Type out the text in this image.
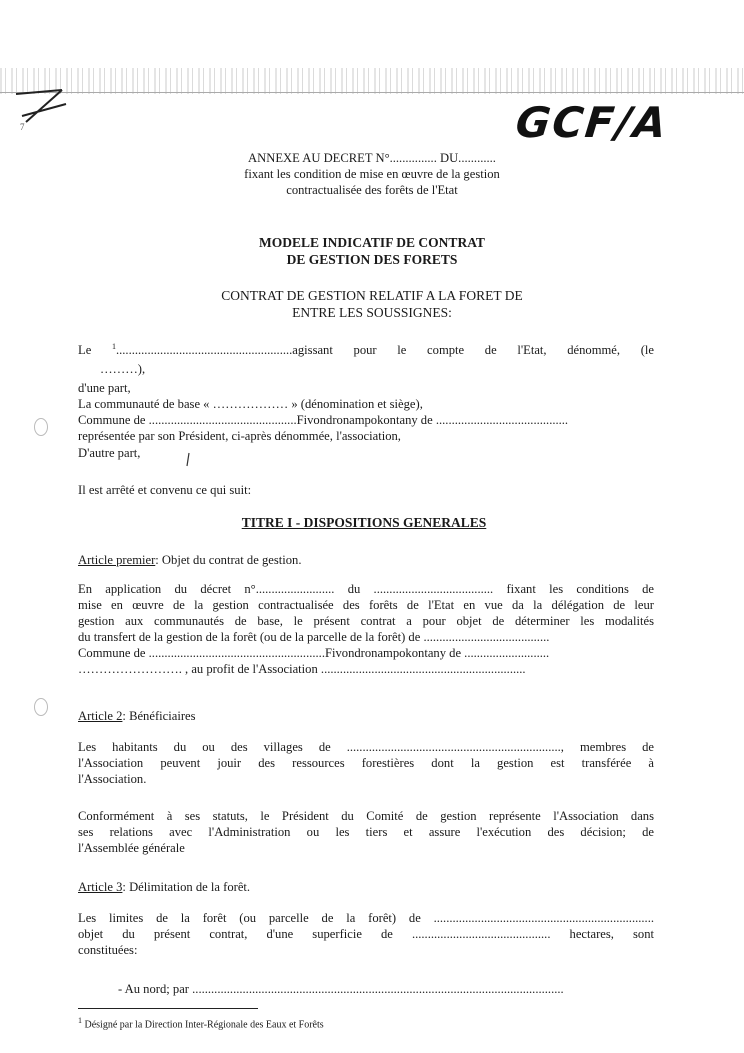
7	GCF/A
ANNEXE AU DECRET N°............... DU............
fixant les condition de mise en œuvre de la gestion
contractualisée des forêts de l'Etat
MODELE INDICATIF DE CONTRAT
DE GESTION DES FORETS
CONTRAT DE GESTION RELATIF A LA FORET DE
ENTRE LES SOUSSIGNES:
Le $^1$........................................................agissant pour le compte de l'Etat, dénommé, (le
………),
d'une part,
La communauté de base « ……………… » (dénomination et siège),
Commune de ...............................................Fivondronampokontany de ..........................................
représentée par son Président, ci-après dénommée, l'association,
D'autre part,
Il est arrêté et convenu ce qui suit:
TITRE I - DISPOSITIONS GENERALES
Article premier: Objet du contrat de gestion.
En application du décret n°......................... du ...................................... fixant les conditions de
mise en œuvre de la gestion contractualisée des forêts de l'Etat en vue da la délégation de leur
gestion aux communautés de base, le présent contrat a pour objet de déterminer les modalités
du transfert de la gestion de la forêt (ou de la parcelle de la forêt) de ........................................
Commune de ........................................................Fivondronampokontany de ...........................
……………………. , au profit de l'Association .................................................................
Article 2: Bénéficiaires
Les habitants du ou des villages de ...................................................................., membres de
l'Association peuvent jouir des ressources forestières dont la gestion est transférée à
l'Association.
Conformément à ses statuts, le Président du Comité de gestion représente l'Association dans
ses relations avec l'Administration ou les tiers et assure l'exécution des décision; de
l'Assemblée générale
Article 3: Délimitation de la forêt.
Les limites de la forêt (ou parcelle de la forêt) de ......................................................................
objet du présent contrat, d'une superficie de ............................................ hectares, sont
constituées:
- Au nord; par ......................................................................................................................
$^1$ Désigné par la Direction Inter-Régionale des Eaux et Forêts
